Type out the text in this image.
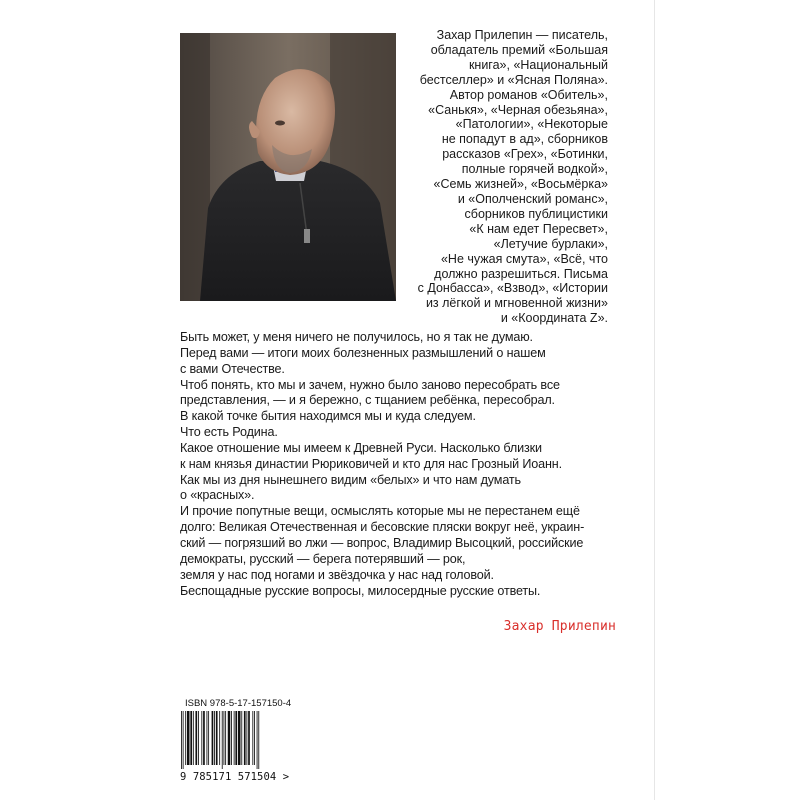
Захар Прилепин — писатель,
обладатель премий «Большая
книга», «Национальный
бестселлер» и «Ясная Поляна».
Автор романов «Обитель»,
«Санькя», «Черная обезьяна»,
«Патологии», «Некоторые
не попадут в ад», сборников
рассказов «Грех», «Ботинки,
полные горячей водкой»,
«Семь жизней», «Восьмёрка»
и «Ополченский романс»,
сборников публицистики
«К нам едет Пересвет»,
«Летучие бурлаки»,
«Не чужая смута», «Всё, что
должно разрешиться. Письма
с Донбасса», «Взвод», «Истории
из лёгкой и мгновенной жизни»
и «Координата Z».
Быть может, у меня ничего не получилось, но я так не думаю.
Перед вами — итоги моих болезненных размышлений о нашем
с вами Отечестве.
Чтоб понять, кто мы и зачем, нужно было заново пересобрать все
представления, — и я бережно, с тщанием ребёнка, пересобрал.
В какой точке бытия находимся мы и куда следуем.
Что есть Родина.
Какое отношение мы имеем к Древней Руси. Насколько близки
к нам князья династии Рюриковичей и кто для нас Грозный Иоанн.
Как мы из дня нынешнего видим «белых» и что нам думать
о «красных».
И прочие попутные вещи, осмыслять которые мы не перестанем ещё
долго: Великая Отечественная и бесовские пляски вокруг неё, украин-
ский — погрязший во лжи — вопрос, Владимир Высоцкий, российские
демократы, русский — берега потерявший — рок,
земля у нас под ногами и звёздочка у нас над головой.
Беспощадные русские вопросы, милосердные русские ответы.
Захар Прилепин
ISBN 978-5-17-157150-4
9 785171 571504 >
